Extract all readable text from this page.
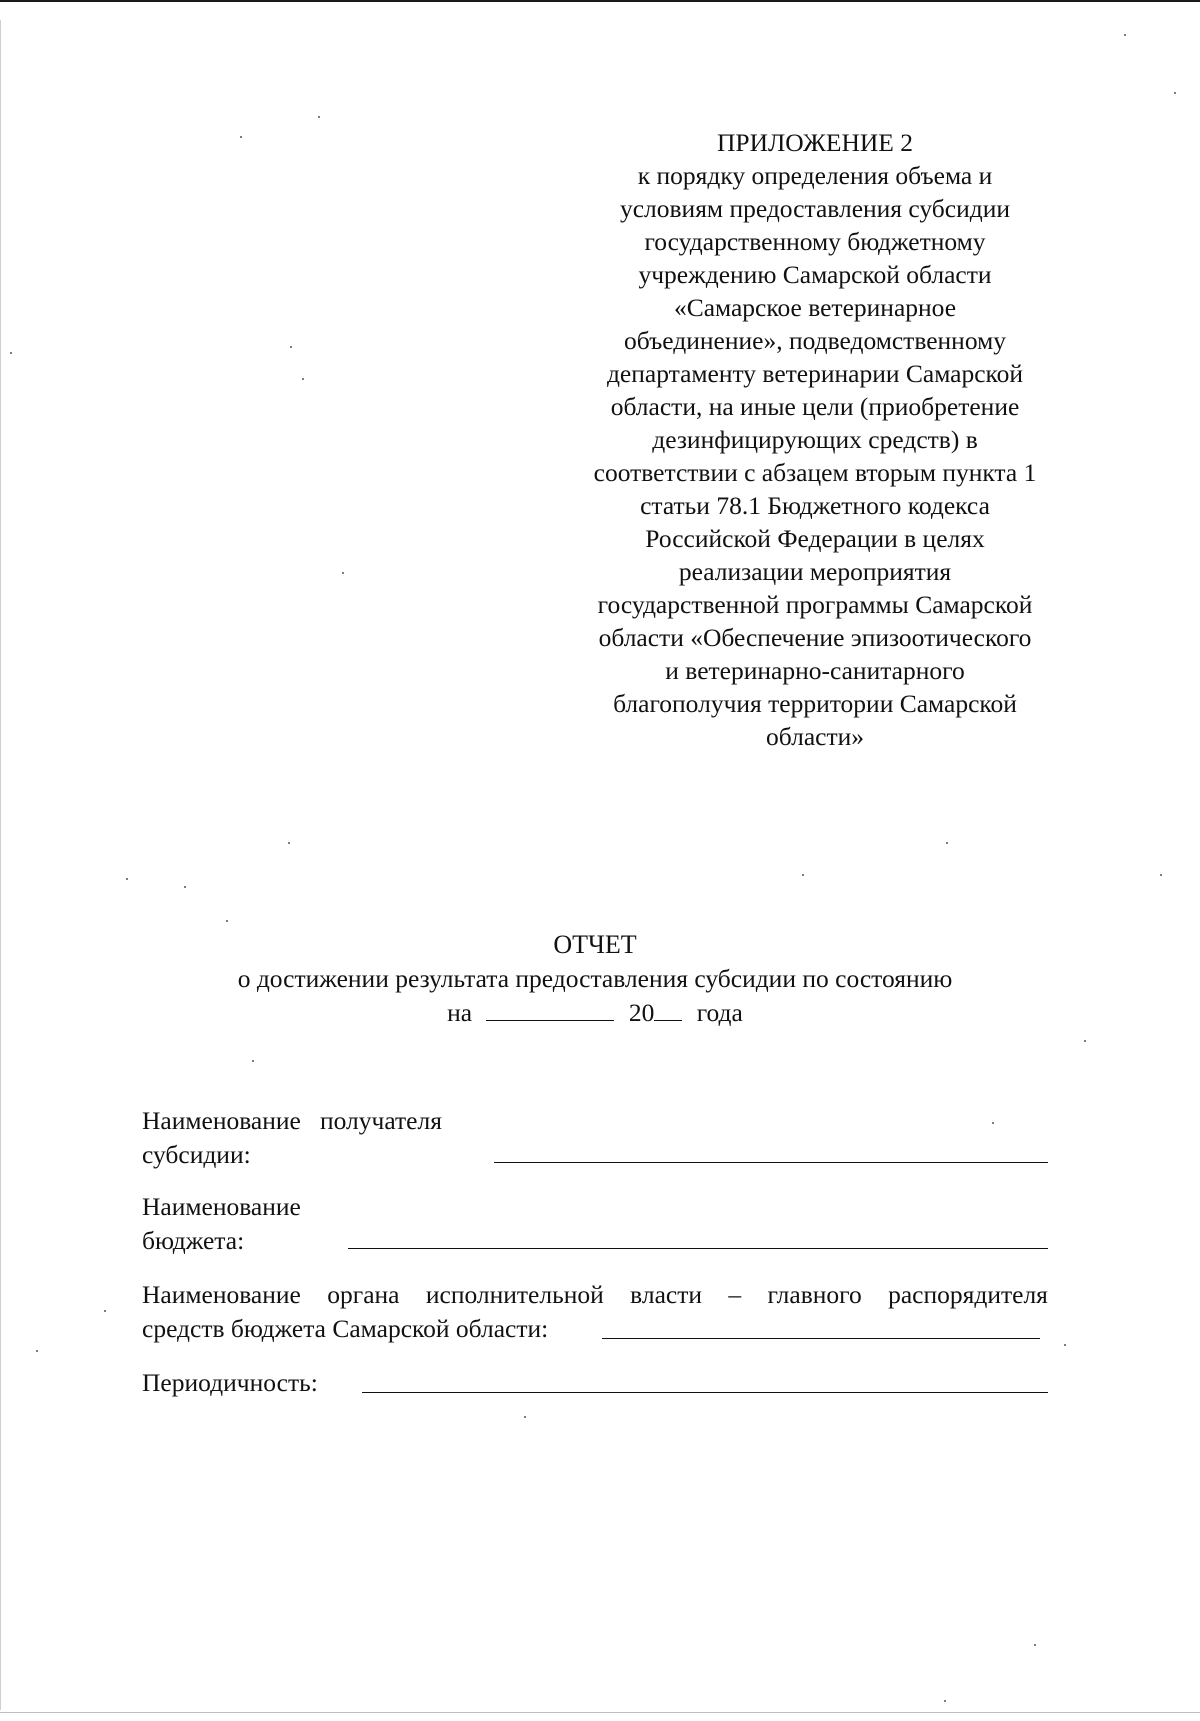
ПРИЛОЖЕНИЕ 2
к порядку определения объема и
условиям предоставления субсидии
государственному бюджетному
учреждению Самарской области
«Самарское ветеринарное
объединение», подведомственному
департаменту ветеринарии Самарской
области, на иные цели (приобретение
дезинфицирующих средств) в
соответствии с абзацем вторым пункта 1
статьи 78.1 Бюджетного кодекса
Российской Федерации в целях
реализации мероприятия
государственной программы Самарской
области «Обеспечение эпизоотического
и ветеринарно-санитарного
благополучия территории Самарской
области»
ОТЧЕТ
о достижении результата предоставления субсидии по состоянию
на	20 года
Наименование получателя
субсидии:
Наименование
бюджета:
Наименование органа исполнительной власти – главного распорядителя
средств бюджета Самарской области:
Периодичность:
